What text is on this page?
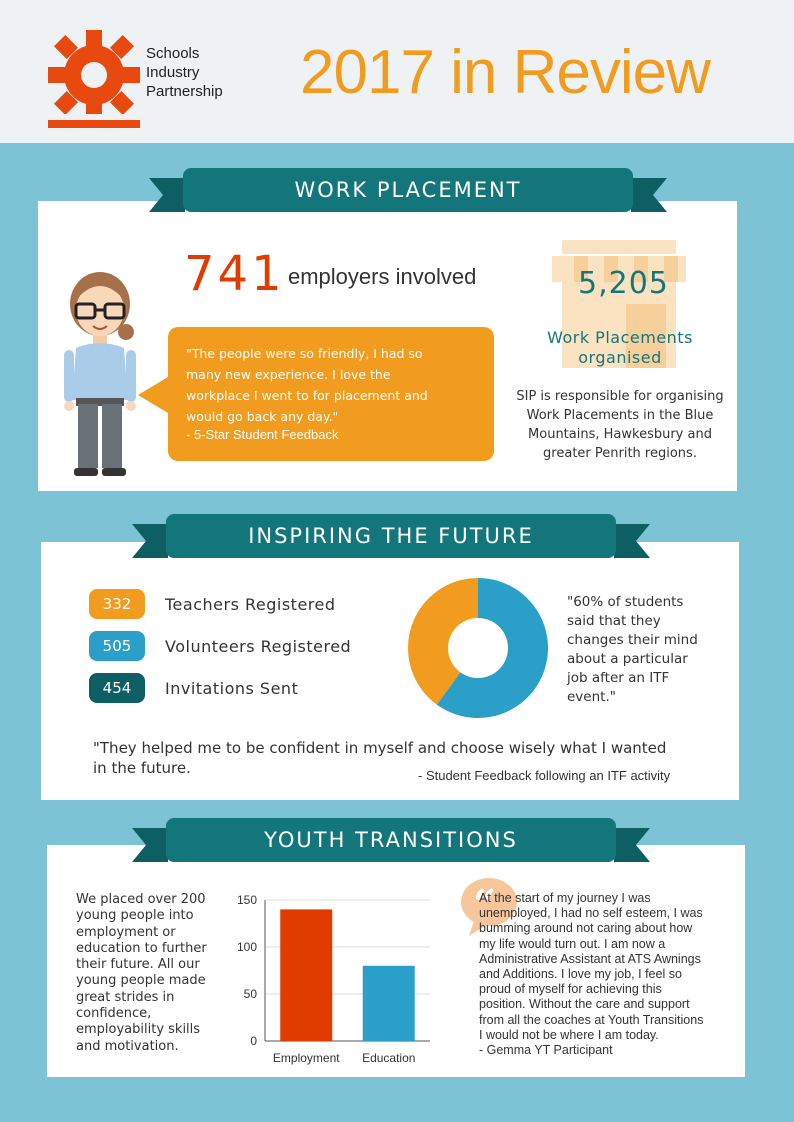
Schools
Industry
Partnership 2017 in Review
WORK PLACEMENT
741 employers involved
"The people were so friendly, I had so
many new experience. I love the
workplace I went to for placement and
would go back any day."
- 5-Star Student Feedback
5,205
Work Placements
organised
SIP is responsible for organising
Work Placements in the Blue
Mountains, Hawkesbury and
greater Penrith regions.
INSPIRING THE FUTURE
332	Teachers Registered
505	Volunteers Registered
454	Invitations Sent
"60% of students
said that they
changes their mind
about a particular
job after an ITF
event."
"They helped me to be confident in myself and choose wisely what I wanted
in the future.	- Student Feedback following an ITF activity
YOUTH TRANSITIONS
We placed over 200
young people into
employment or
education to further
their future. All our
young people made
great strides in
confidence,
employability skills
and motivation.	0
50
100
150
Employment Education
“
At the start of my journey I was
unemployed, I had no self esteem, I was
bumming around not caring about how
my life would turn out. I am now a
Administrative Assistant at ATS Awnings
and Additions. I love my job, I feel so
proud of myself for achieving this
position. Without the care and support
from all the coaches at Youth Transitions
I would not be where I am today.
- Gemma YT Participant
